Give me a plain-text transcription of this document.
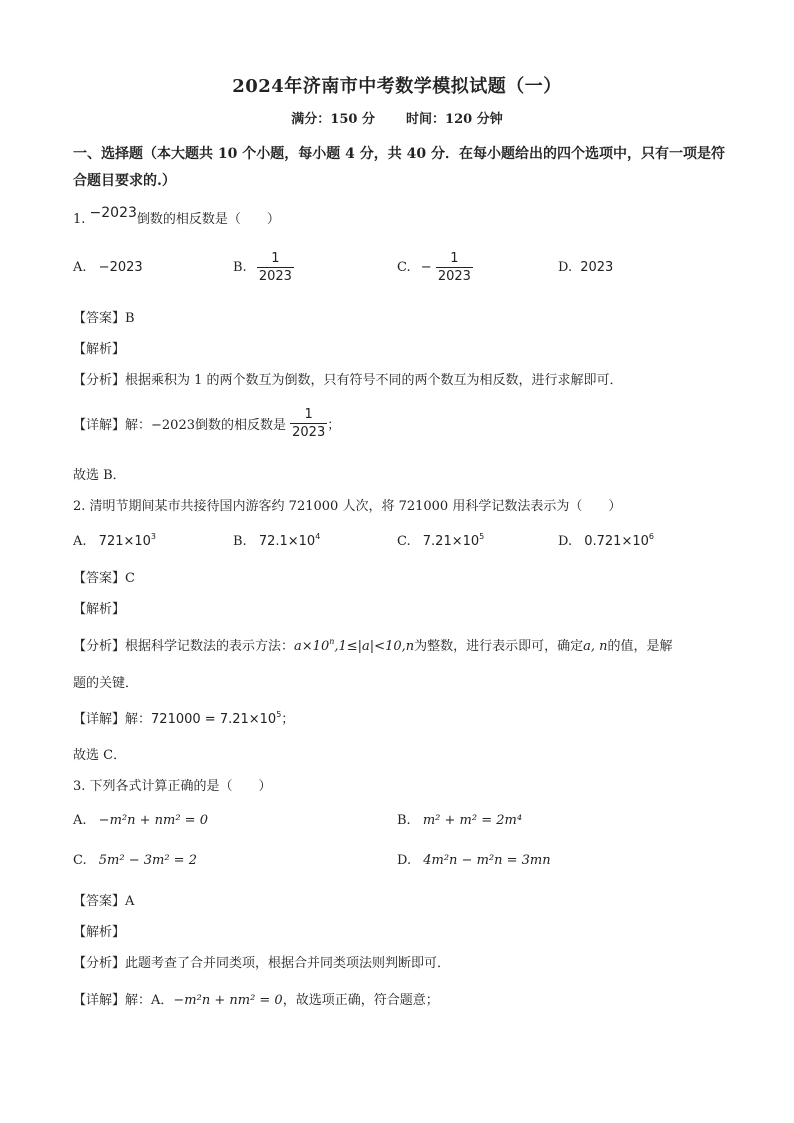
2024年济南市中考数学模拟试题（一）
满分：150 分 时间：120 分钟
一、选择题（本大题共 10 个小题，每小题 4 分，共 40 分．在每小题给出的四个选项中，只有一项是符合题目要求的.）
1. −2023倒数的相反数是（　　）
A. −2023	B. $\frac{1}{2023}$	C. − $\frac{1}{2023}$	D. 2023
【答案】B
【解析】
【分析】根据乘积为 1 的两个数互为倒数，只有符号不同的两个数互为相反数，进行求解即可．
【详解】解：−2023倒数的相反数是 $\frac{1}{2023}$ ；
故选 B．
2. 清明节期间某市共接待国内游客约 721000 人次，将 721000 用科学记数法表示为（　　）
A. $721\times 10^3$	B. $72.1\times 10^4$	C. $7.21\times 10^5$	D. $0.721\times 10^6$
【答案】C
【解析】
【分析】根据科学记数法的表示方法：$a\times 10^n,1\le|a|<10,n$为整数，进行表示即可，确定a, n的值，是解
题的关键．
【详解】解：$721000 = 7.21\times 10^5$；
故选 C．
3. 下列各式计算正确的是（　　）
A. −m²n + nm² = 0	B. m² + m² = 2m⁴
C. 5m² − 3m² = 2	D. 4m²n − m²n = 3mn
【答案】A
【解析】
【分析】此题考查了合并同类项，根据合并同类项法则判断即可．
【详解】解：A．−m²n + nm² = 0，故选项正确，符合题意；
